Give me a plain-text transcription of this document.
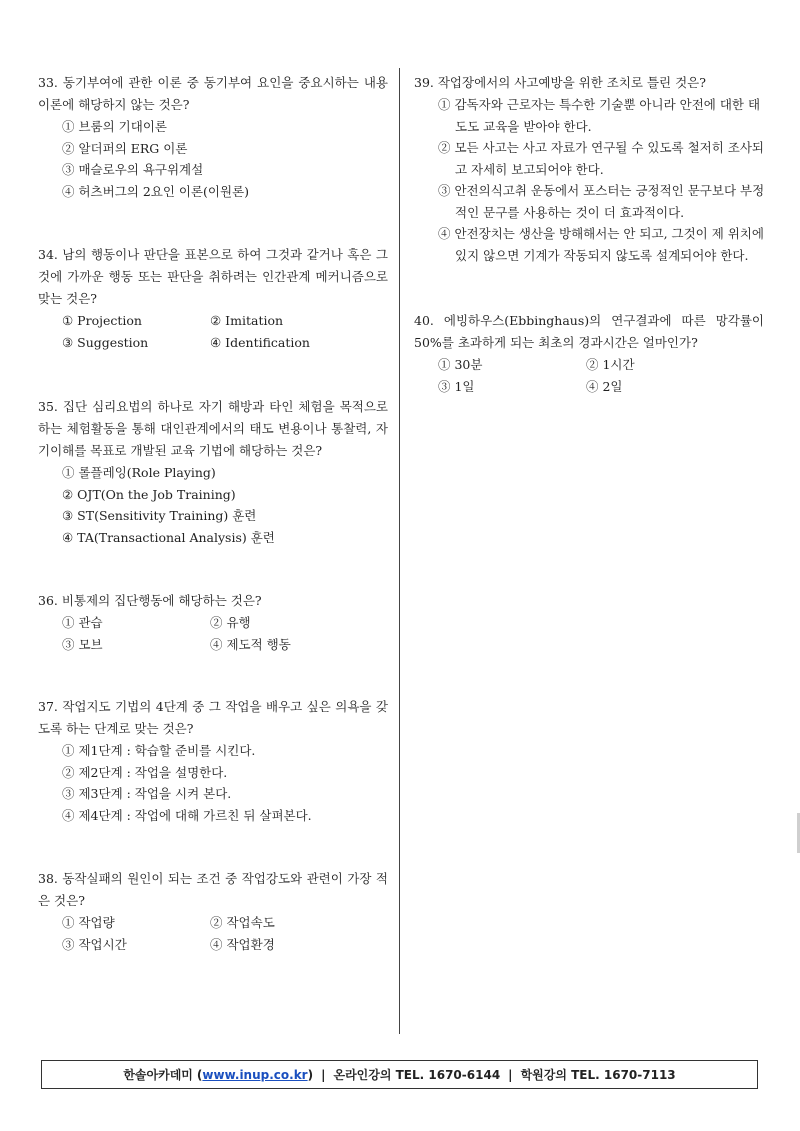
33. 동기부여에 관한 이론 중 동기부여 요인을 중요시하는 내용이론에 해당하지 않는 것은?
① 브룸의 기대이론
② 알더퍼의 ERG 이론
③ 매슬로우의 욕구위계설
④ 허츠버그의 2요인 이론(이원론)
34. 남의 행동이나 판단을 표본으로 하여 그것과 같거나 혹은 그것에 가까운 행동 또는 판단을 취하려는 인간관계 메커니즘으로 맞는 것은?
① Projection	② Imitation
③ Suggestion	④ Identification
35. 집단 심리요법의 하나로 자기 해방과 타인 체험을 목적으로 하는 체험활동을 통해 대인관계에서의 태도 변용이나 통찰력, 자기이해를 목표로 개발된 교육 기법에 해당하는 것은?
① 롤플레잉(Role Playing)
② OJT(On the Job Training)
③ ST(Sensitivity Training) 훈련
④ TA(Transactional Analysis) 훈련
36. 비통제의 집단행동에 해당하는 것은?
① 관습	② 유행
③ 모브	④ 제도적 행동
37. 작업지도 기법의 4단계 중 그 작업을 배우고 싶은 의욕을 갖도록 하는 단계로 맞는 것은?
① 제1단계 : 학습할 준비를 시킨다.
② 제2단계 : 작업을 설명한다.
③ 제3단계 : 작업을 시켜 본다.
④ 제4단계 : 작업에 대해 가르친 뒤 살펴본다.
38. 동작실패의 원인이 되는 조건 중 작업강도와 관련이 가장 적은 것은?
① 작업량	② 작업속도
③ 작업시간	④ 작업환경
39. 작업장에서의 사고예방을 위한 조치로 틀린 것은?
① 감독자와 근로자는 특수한 기술뿐 아니라 안전에 대한 태
도도 교육을 받아야 한다.
② 모든 사고는 사고 자료가 연구될 수 있도록 철저히 조사되
고 자세히 보고되어야 한다.
③ 안전의식고취 운동에서 포스터는 긍정적인 문구보다 부정
적인 문구를 사용하는 것이 더 효과적이다.
④ 안전장치는 생산을 방해해서는 안 되고, 그것이 제 위치에
있지 않으면 기계가 작동되지 않도록 설계되어야 한다.
40. 에빙하우스(Ebbinghaus)의 연구결과에 따른 망각률이 50%를 초과하게 되는 최초의 경과시간은 얼마인가?
① 30분	② 1시간
③ 1일	④ 2일
한솔아카데미 ( www.inup.co.kr ) | 온라인강의 TEL. 1670-6144 | 학원강의 TEL. 1670-7113
